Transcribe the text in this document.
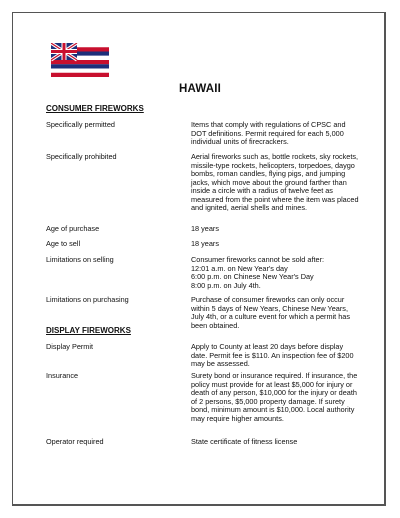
HAWAII
CONSUMER FIREWORKS
Specifically permitted	Items that comply with regulations of CPSC and DOT definitions. Permit required for each 5,000 individual units of firecrackers.
Specifically prohibited	Aerial fireworks such as, bottle rockets, sky rockets, missile-type rockets, helicopters, torpedoes, daygo bombs, roman candles, flying pigs, and jumping jacks, which move about the ground farther than inside a circle with a radius of twelve feet as measured from the point where the item was placed and ignited, aerial shells and mines.
Age of purchase	18 years
Age to sell	18 years
Limitations on selling	Consumer fireworks cannot be sold after:
12:01 a.m. on New Year's day
6:00 p.m. on Chinese New Year's Day
8:00 p.m. on July 4th.
Limitations on purchasing	Purchase of consumer fireworks can only occur within 5 days of New Years, Chinese New Years, July 4th, or a culture event for which a permit has been obtained.
DISPLAY FIREWORKS
Display Permit	Apply to County at least 20 days before display date. Permit fee is $110. An inspection fee of $200 may be assessed.
Insurance	Surety bond or insurance required. If insurance, the policy must provide for at least $5,000 for injury or death of any person, $10,000 for the injury or death of 2 persons, $5,000 property damage. If surety bond, minimum amount is $10,000. Local authority may require higher amounts.
Operator required	State certificate of fitness license
